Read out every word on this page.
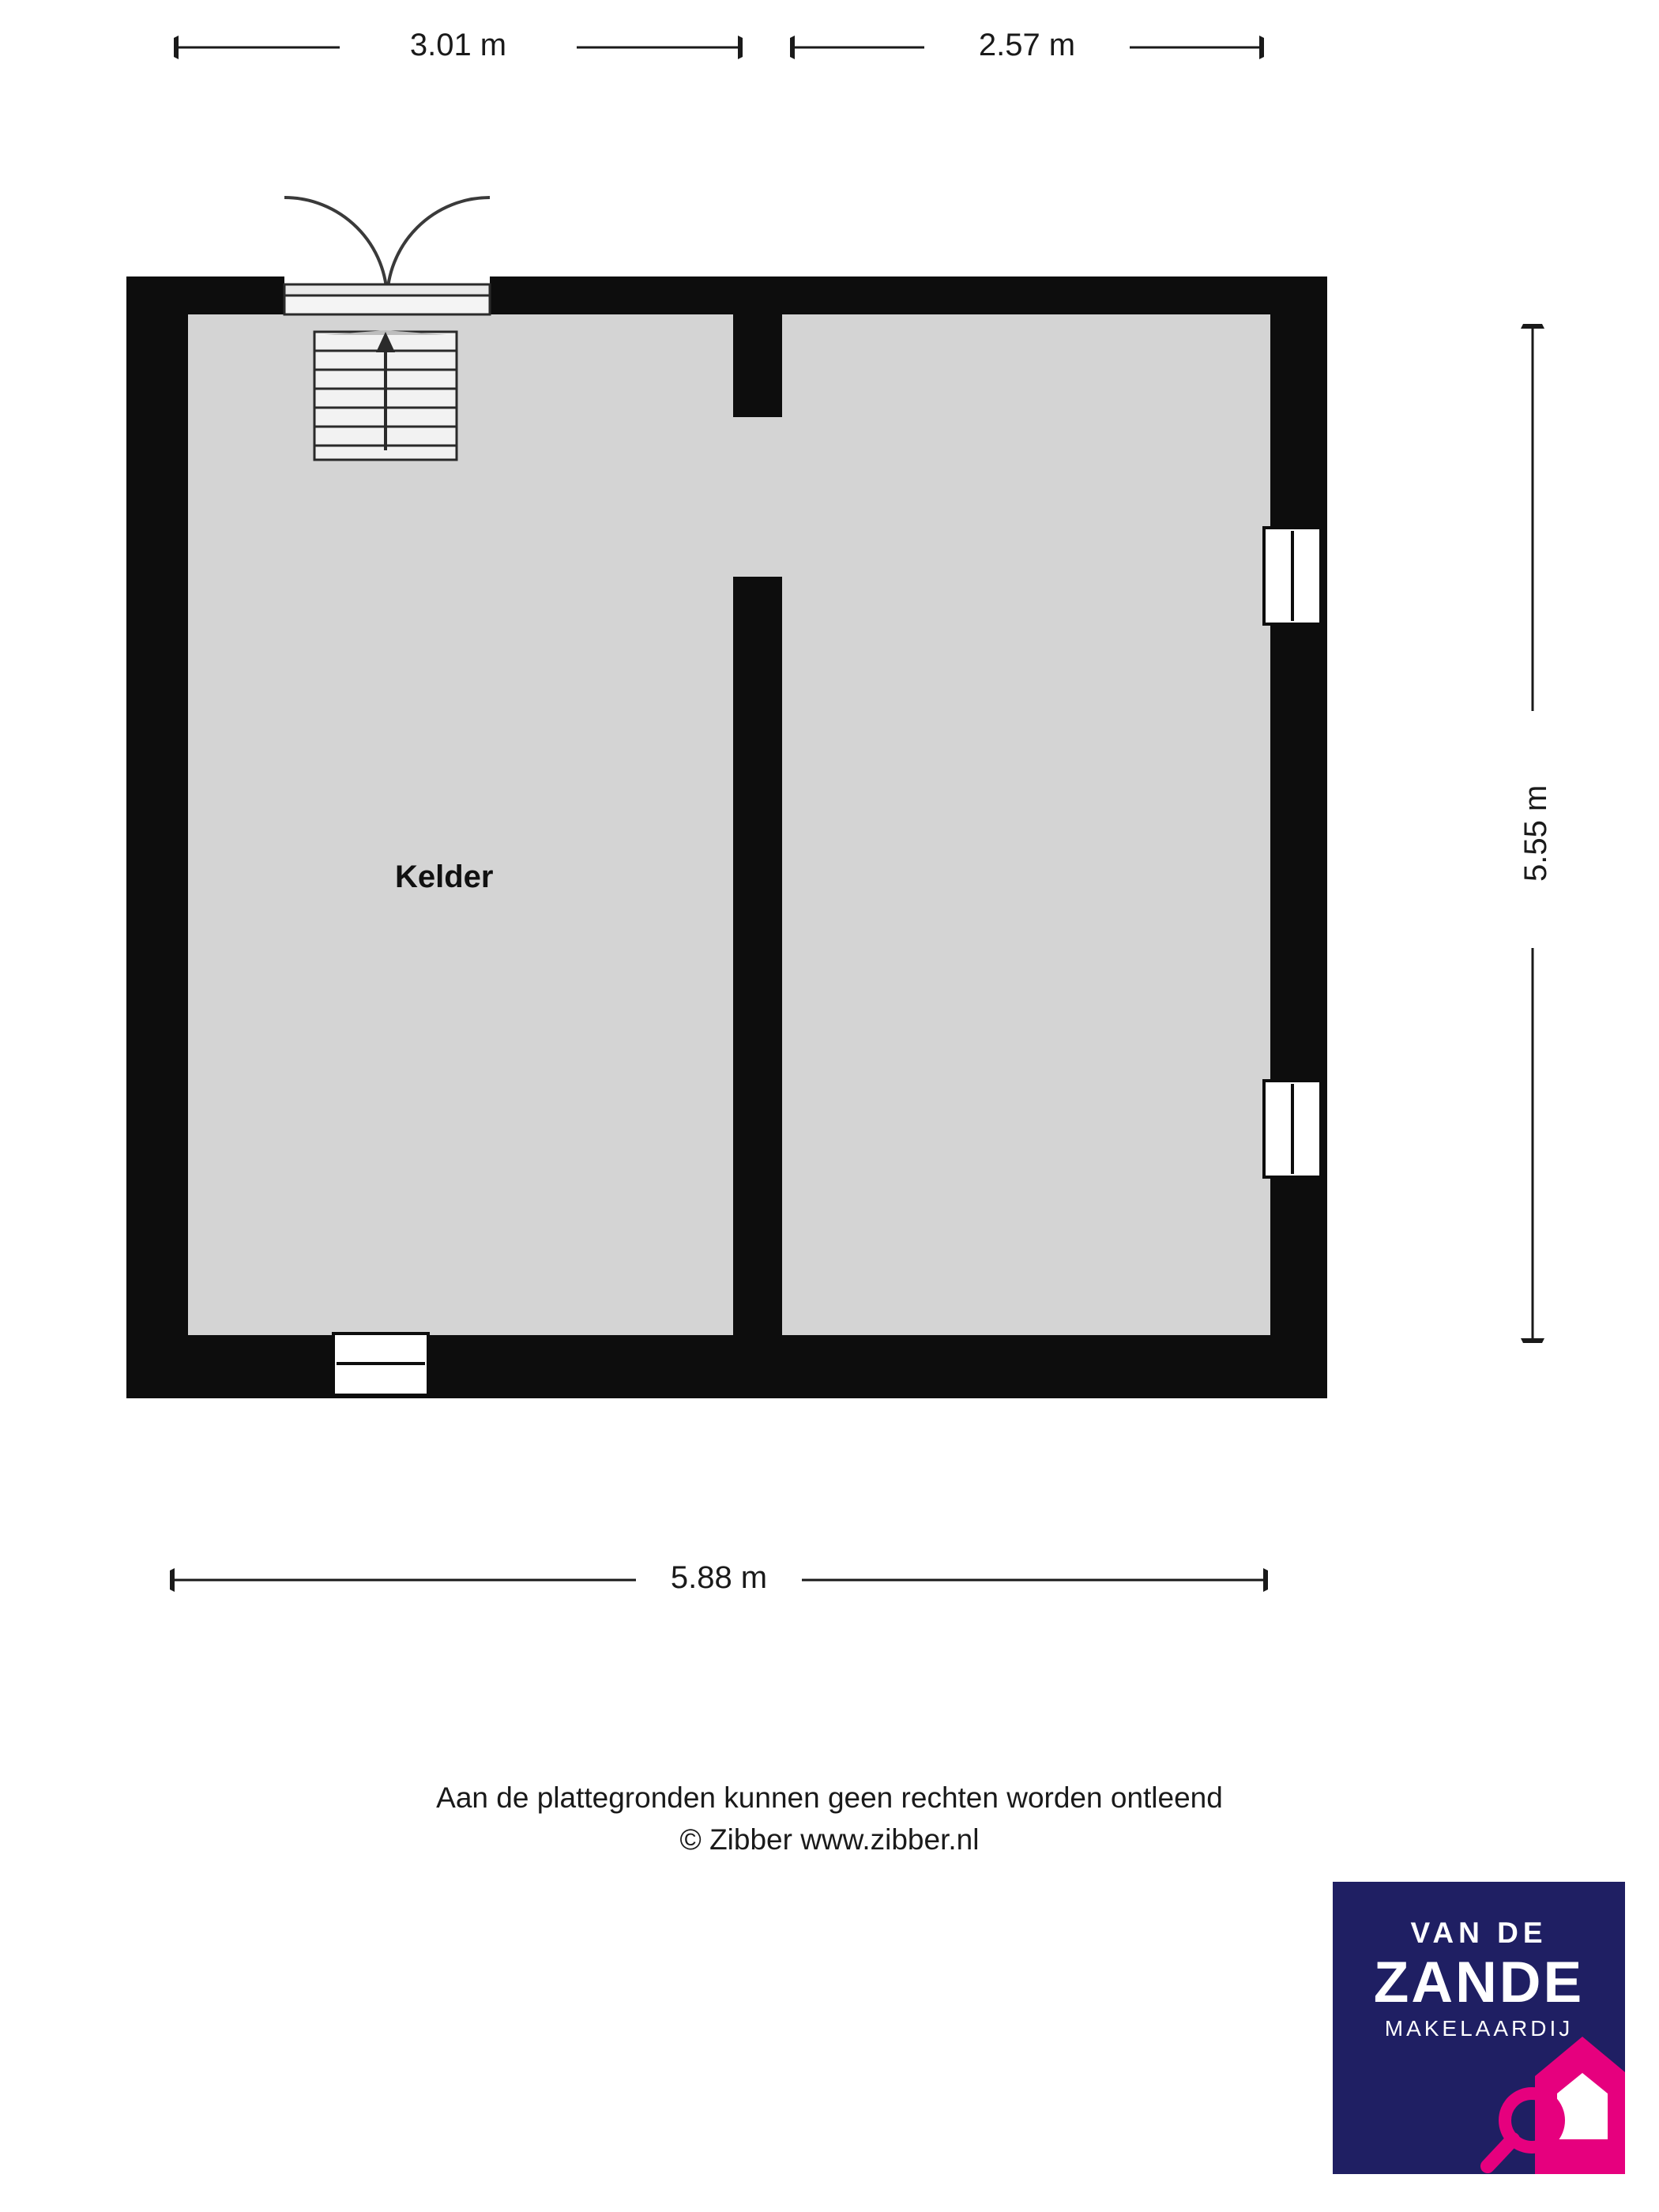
3.01 m	2.57 m
5.55 m
5.88 m
Kelder
Aan de plattegronden kunnen geen rechten worden ontleend
© Zibber www.zibber.nl
VAN DE
ZANDE
MAKELAARDIJ
